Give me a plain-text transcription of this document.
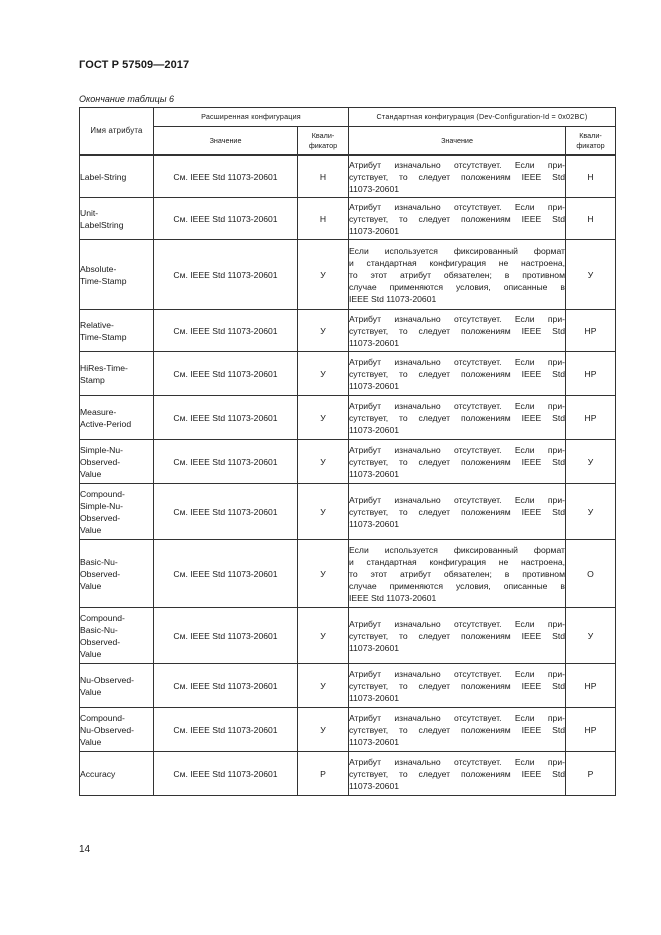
ГОСТ Р 57509—2017
Окончание таблицы 6
Имя атрибута	Расширенная конфигурация		Стандартная конфигурация (Dev-Configuration-Id = 0x02BC)	
	Значение	Квали-
фикатор	Значение	Квали-
фикатор

Label-String	См. IEEE Std 11073-20601	Н	Атрибут изначально отсутствует. Если при-
сутствует, то следует положениям IEEE Std
11073-20601	Н

Unit-
LabelString	См. IEEE Std 11073-20601	Н	Атрибут изначально отсутствует. Если при-
сутствует, то следует положениям IEEE Std
11073-20601	Н

Absolute-
Time-Stamp	См. IEEE Std 11073-20601	У	Если используется фиксированный формат
и стандартная конфигурация не настроена,
то этот атрибут обязателен; в противном
случае применяются условия, описанные в
IEEE Std 11073-20601	У

Relative-
Time-Stamp	См. IEEE Std 11073-20601	У	Атрибут изначально отсутствует. Если при-
сутствует, то следует положениям IEEE Std
11073-20601	НР

HiRes-Time-
Stamp	См. IEEE Std 11073-20601	У	Атрибут изначально отсутствует. Если при-
сутствует, то следует положениям IEEE Std
11073-20601	НР

Measure-
Active-Period	См. IEEE Std 11073-20601	У	Атрибут изначально отсутствует. Если при-
сутствует, то следует положениям IEEE Std
11073-20601	НР

Simple-Nu-
Observed-
Value	См. IEEE Std 11073-20601	У	Атрибут изначально отсутствует. Если при-
сутствует, то следует положениям IEEE Std
11073-20601	У

Compound-
Simple-Nu-
Observed-
Value	См. IEEE Std 11073-20601	У	Атрибут изначально отсутствует. Если при-
сутствует, то следует положениям IEEE Std
11073-20601	У

Basic-Nu-
Observed-
Value	См. IEEE Std 11073-20601	У	Если используется фиксированный формат
и стандартная конфигурация не настроена,
то этот атрибут обязателен; в противном
случае применяются условия, описанные в
IEEE Std 11073-20601	О

Compound-
Basic-Nu-
Observed-
Value	См. IEEE Std 11073-20601	У	Атрибут изначально отсутствует. Если при-
сутствует, то следует положениям IEEE Std
11073-20601	У

Nu-Observed-
Value	См. IEEE Std 11073-20601	У	Атрибут изначально отсутствует. Если при-
сутствует, то следует положениям IEEE Std
11073-20601	НР

Compound-
Nu-Observed-
Value	См. IEEE Std 11073-20601	У	Атрибут изначально отсутствует. Если при-
сутствует, то следует положениям IEEE Std
11073-20601	НР

Accuracy	См. IEEE Std 11073-20601	Р	Атрибут изначально отсутствует. Если при-
сутствует, то следует положениям IEEE Std
11073-20601	Р
14
